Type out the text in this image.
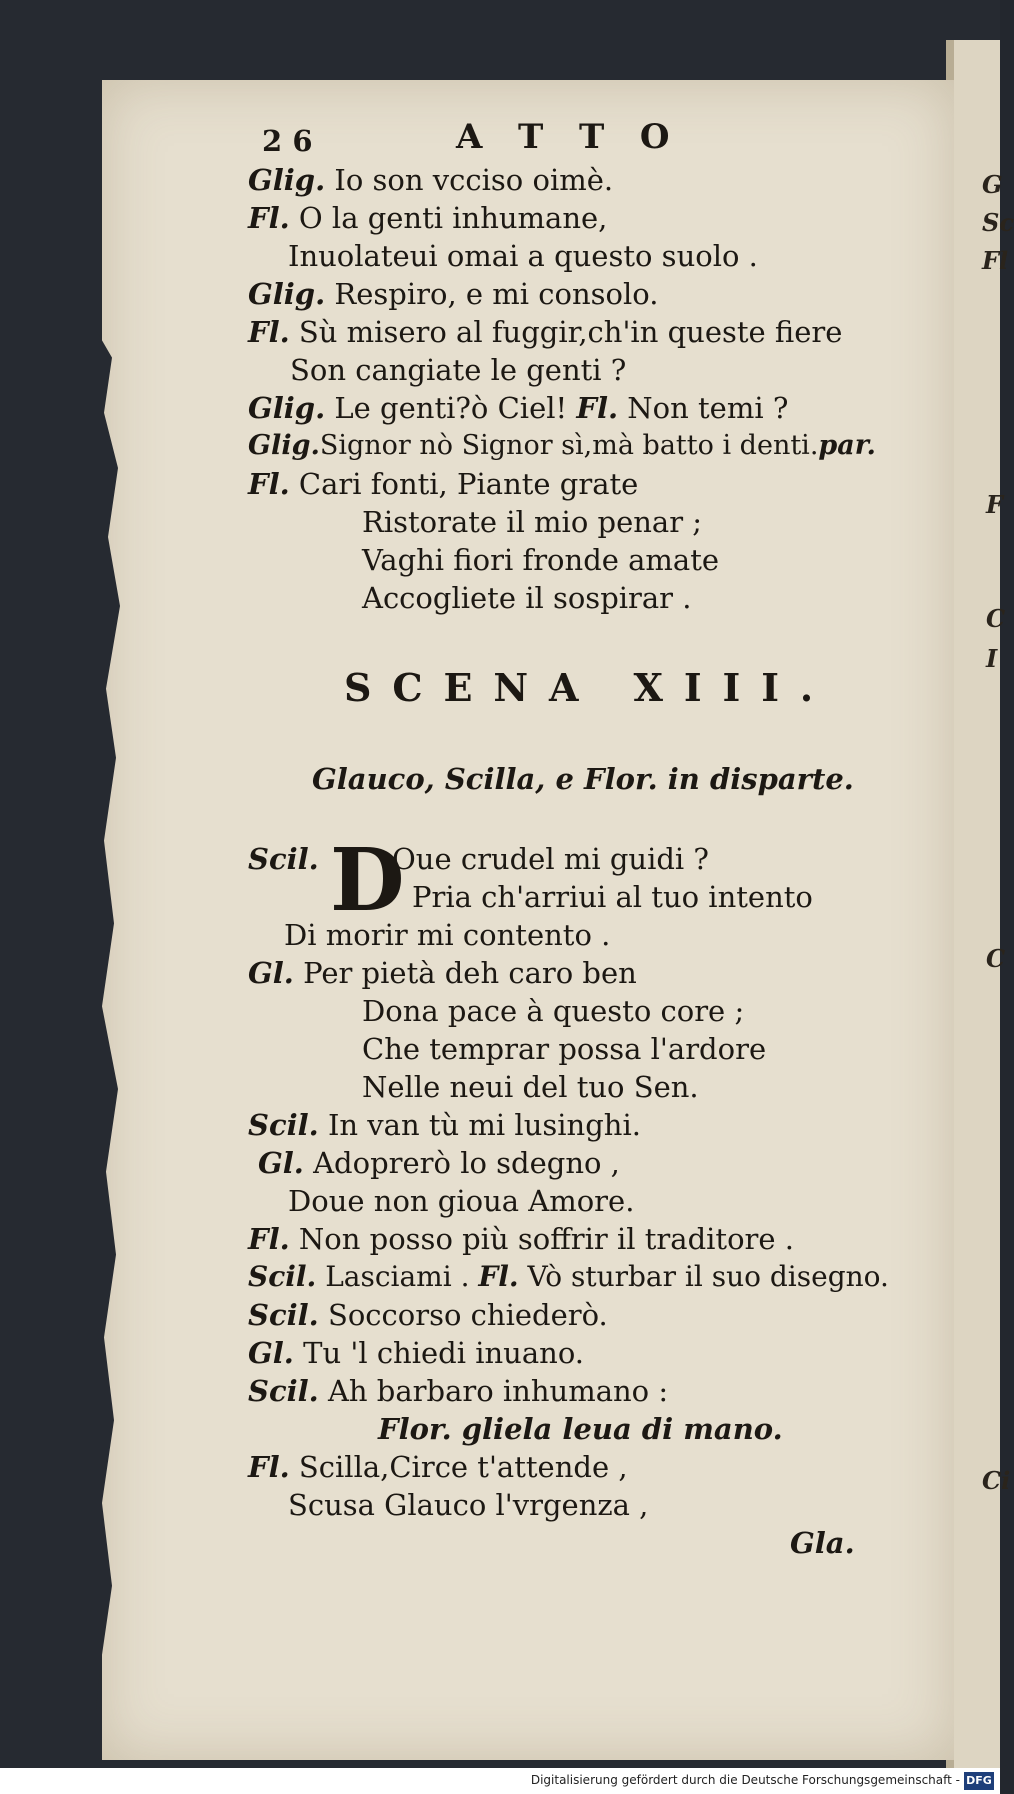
26	A T T O
Glig. Io son vcciso oimè.
Fl. O la genti inhumane,
Inuolateui omai a questo suolo .
Glig. Respiro, e mi consolo.
Fl. Sù misero al fuggir,ch'in queste fiere
Son cangiate le genti ?
Glig. Le genti?ò Ciel! Fl. Non temi ?
Glig.Signor nò Signor sì,mà batto i denti.par.
Fl. Cari fonti, Piante grate
Ristorate il mio penar ;
Vaghi fiori fronde amate
Accogliete il sospirar .
SCENA XIII.
Glauco, Scilla, e Flor. in disparte.
Scil. D
Oue crudel mi guidi ?
Pria ch'arriui al tuo intento
Di morir mi contento .
Gl. Per pietà deh caro ben
Dona pace à questo core ;
Che temprar possa l'ardore
Nelle neui del tuo Sen.
Scil. In van tù mi lusinghi.
Gl. Adoprerò lo sdegno ,
Doue non gioua Amore.
Fl. Non posso più soffrir il traditore .
Scil. Lasciami . Fl. Vò sturbar il suo disegno.
Scil. Soccorso chiederò.
Gl. Tu 'l chiedi inuano.
Scil. Ah barbaro inhumano :
Flor. gliela leua di mano.
Fl. Scilla,Circe t'attende ,
Scusa Glauco l'vrgenza ,
Gla.
G
Sc
Fl
F
C
I
C
Ci
Digitalisierung gefördert durch die Deutsche Forschungsgemeinschaft - DFG
